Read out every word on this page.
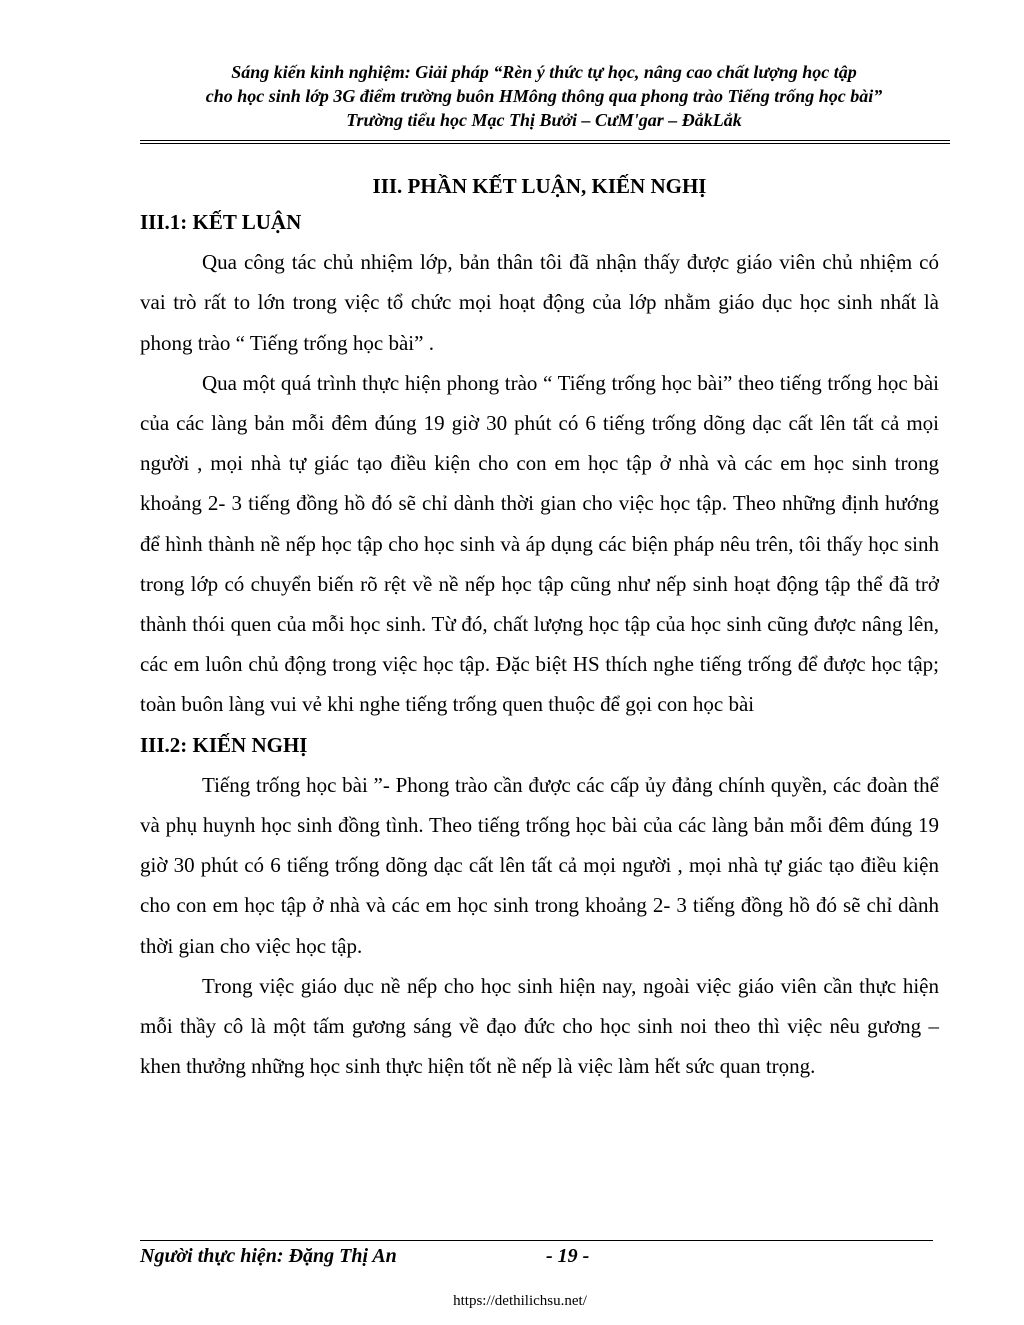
Sáng kiến kinh nghiệm: Giải pháp “Rèn ý thức tự học, nâng cao chất lượng học tập
cho học sinh lớp 3G điểm trường buôn HMông thông qua phong trào Tiếng trống học bài”
Trường tiểu học Mạc Thị Bưởi – CưM'gar – ĐắkLắk

III. PHẦN KẾT LUẬN, KIẾN NGHỊ

III.1: KẾT LUẬN

Qua công tác chủ nhiệm lớp, bản thân tôi đã nhận thấy được giáo viên chủ nhiệm có vai trò rất to lớn trong việc tổ chức mọi hoạt động của lớp nhằm giáo dục học sinh nhất là phong trào “ Tiếng trống học bài” .

Qua một quá trình thực hiện phong trào “ Tiếng trống học bài” theo tiếng trống học bài của các làng bản mỗi đêm đúng 19 giờ 30 phút có 6 tiếng trống dõng dạc cất lên tất cả mọi người , mọi nhà tự giác tạo điều kiện cho con em học tập ở nhà và các em học sinh trong khoảng 2- 3 tiếng đồng hồ đó sẽ chỉ dành thời gian cho việc học tập. Theo những định hướng để hình thành nề nếp học tập cho học sinh và áp dụng các biện pháp nêu trên, tôi thấy học sinh trong lớp có chuyển biến rõ rệt về nề nếp học tập cũng như nếp sinh hoạt động tập thể đã trở thành thói quen của mỗi học sinh. Từ đó, chất lượng học tập của học sinh cũng được nâng lên, các em luôn chủ động trong việc học tập. Đặc biệt HS thích nghe tiếng trống để được học tập; toàn buôn làng vui vẻ khi nghe tiếng trống quen thuộc để gọi con học bài

III.2: KIẾN NGHỊ

Tiếng trống học bài ”- Phong trào cần được các cấp ủy đảng chính quyền, các đoàn thể và phụ huynh học sinh đồng tình. Theo tiếng trống học bài của các làng bản mỗi đêm đúng 19 giờ 30 phút có 6 tiếng trống dõng dạc cất lên tất cả mọi người , mọi nhà tự giác tạo điều kiện cho con em học tập ở nhà và các em học sinh trong khoảng 2- 3 tiếng đồng hồ đó sẽ chỉ dành thời gian cho việc học tập.

Trong việc giáo dục nề nếp cho học sinh hiện nay, ngoài việc giáo viên cần thực hiện mỗi thầy cô là một tấm gương sáng về đạo đức cho học sinh noi theo thì việc nêu gương – khen thưởng những học sinh thực hiện tốt nề nếp là việc làm hết sức quan trọng.

Người thực hiện: Đặng Thị An	- 19 -
https://dethilichsu.net/
